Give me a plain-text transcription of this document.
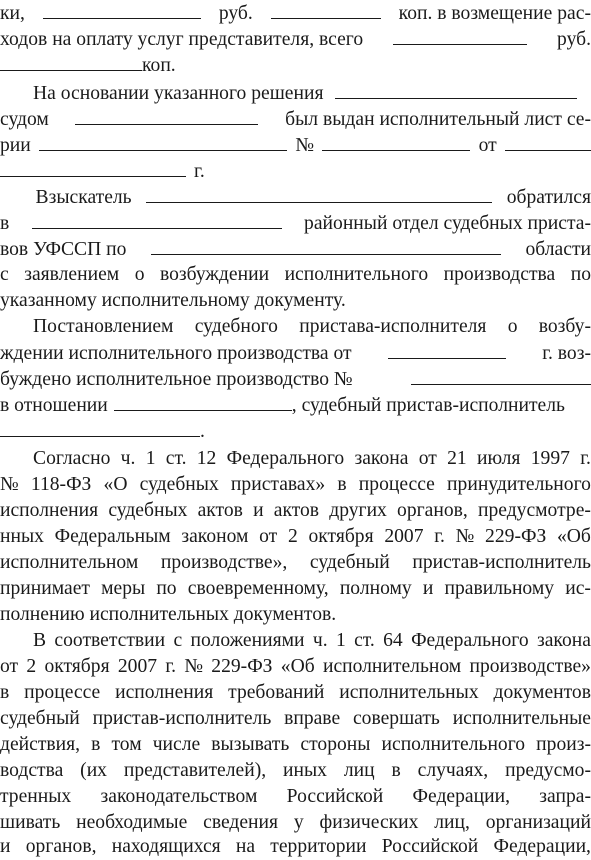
ки,	руб.	коп. в возмещение рас-
ходов на оплату услуг представителя, всего	руб.
коп.
На основании указанного решения
судом	был выдан исполнительный лист се-
рии	№	от
г.
Взыскатель	обратился
в	районный отдел судебных приста-
вов УФССП по	области
с заявлением о возбуждении исполнительного производства по
указанному исполнительному документу.
Постановлением судебного пристава-исполнителя о возбу-
ждении исполнительного производства от	г. воз-
буждено исполнительное производство №
в отношении	, судебный пристав-исполнитель
.
Согласно ч. 1 ст. 12 Федерального закона от 21 июля 1997 г.
№ 118-ФЗ «О судебных приставах» в процессе принудительного
исполнения судебных актов и актов других органов, предусмотре-
нных Федеральным законом от 2 октября 2007 г. № 229-ФЗ «Об
исполнительном производстве», судебный пристав-исполнитель
принимает меры по своевременному, полному и правильному ис-
полнению исполнительных документов.
В соответствии с положениями ч. 1 ст. 64 Федерального закона
от 2 октября 2007 г. № 229-ФЗ «Об исполнительном производстве»
в процессе исполнения требований исполнительных документов
судебный пристав-исполнитель вправе совершать исполнительные
действия, в том числе вызывать стороны исполнительного произ-
водства (их представителей), иных лиц в случаях, предусмо-
тренных законодательством Российской Федерации, запра-
шивать необходимые сведения у физических лиц, организаций
и органов, находящихся на территории Российской Федерации,
